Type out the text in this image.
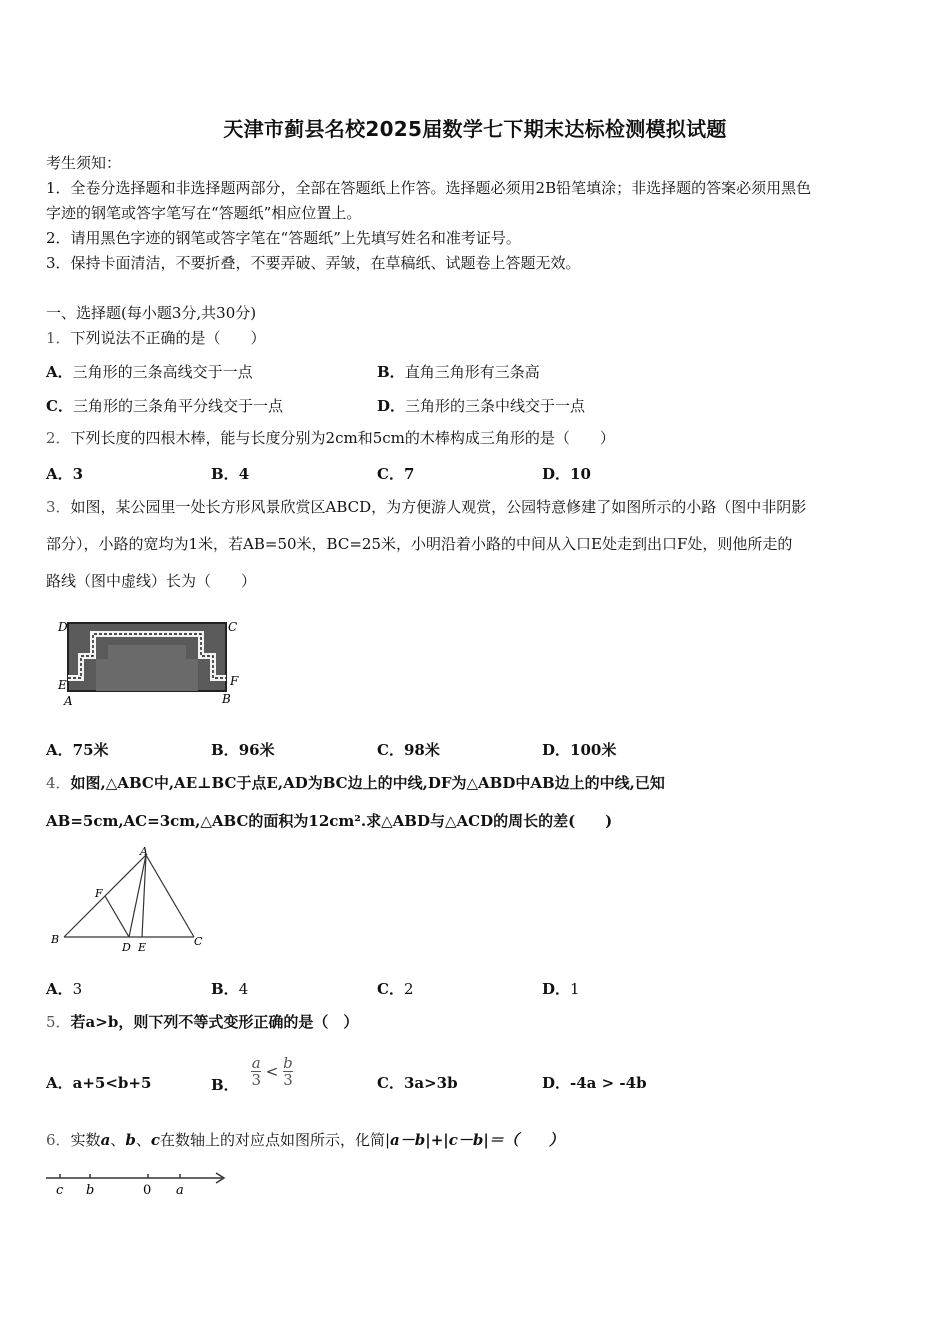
天津市蓟县名校2025届数学七下期末达标检测模拟试题
考生须知：
1．全卷分选择题和非选择题两部分，全部在答题纸上作答。选择题必须用2B铅笔填涂；非选择题的答案必须用黑色
字迹的钢笔或答字笔写在“答题纸”相应位置上。
2．请用黑色字迹的钢笔或答字笔在“答题纸”上先填写姓名和准考证号。
3．保持卡面清洁，不要折叠，不要弄破、弄皱，在草稿纸、试题卷上答题无效。
一、选择题(每小题3分,共30分)
1．下列说法不正确的是（　　）
A．三角形的三条高线交于一点	B．直角三角形有三条高
C．三角形的三条角平分线交于一点	D．三角形的三条中线交于一点
2．下列长度的四根木棒，能与长度分别为2cm和5cm的木棒构成三角形的是（　　）
A．3	B．4	C．7	D．10
3．如图，某公园里一处长方形风景欣赏区ABCD，为方便游人观赏，公园特意修建了如图所示的小路（图中非阴影
部分），小路的宽均为1米，若AB=50米，BC=25米，小明沿着小路的中间从入口E处走到出口F处，则他所走的
路线（图中虚线）长为（　　）
D	C
E	F
A	B
A．75米	B．96米	C．98米	D．100米
4．如图,△ABC中,AE⊥BC于点E,AD为BC边上的中线,DF为△ABD中AB边上的中线,已知
AB=5cm,AC=3cm,△ABC的面积为12cm².求△ABD与△ACD的周长的差(　　)
A
F
B
D E	C
A．3	B．4	C．2	D．1
5．若a>b，则下列不等式变形正确的是（　）
A．a+5<b+5	B． $\frac{a}{3} < \frac{b}{3}$	C．3a>3b	D．-4a > -4b
6．实数a、b、c在数轴上的对应点如图所示，化简|a－b|+|c－b|＝（　　）
c b	0 a
